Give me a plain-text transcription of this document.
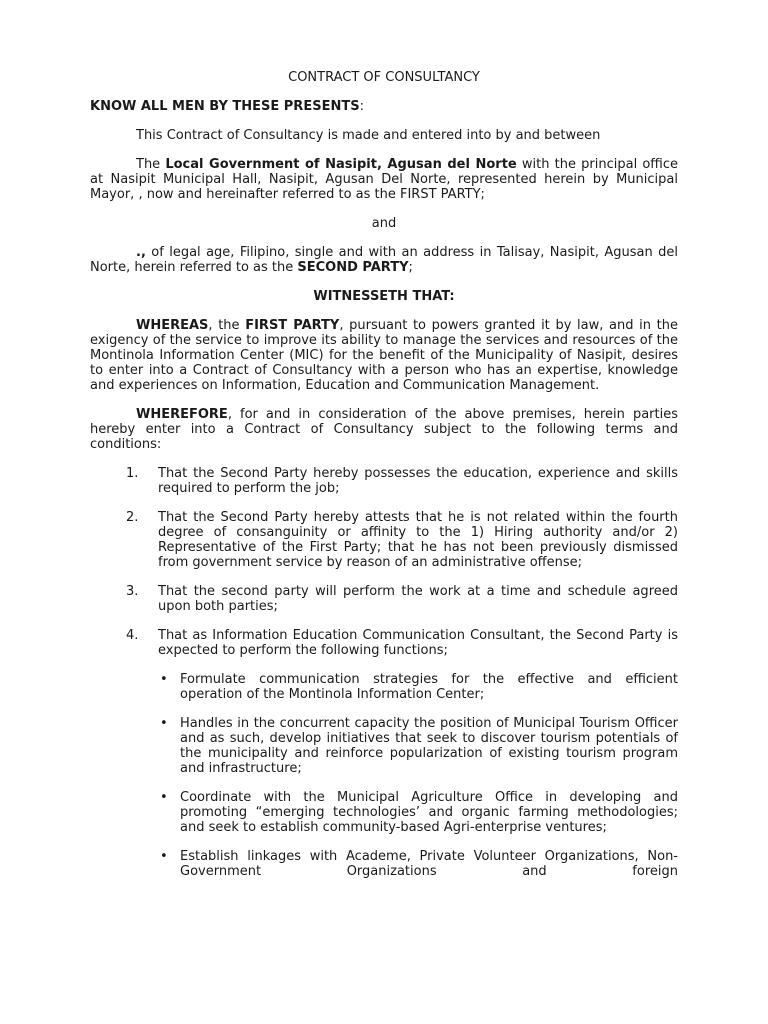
CONTRACT OF CONSULTANCY
KNOW ALL MEN BY THESE PRESENTS:

This Contract of Consultancy is made and entered into by and between

The Local Government of Nasipit, Agusan del Norte with the principal office at Nasipit Municipal Hall, Nasipit, Agusan Del Norte, represented herein by Municipal Mayor, , now and hereinafter referred to as the FIRST PARTY;

and

., of legal age, Filipino, single and with an address in Talisay, Nasipit, Agusan del Norte, herein referred to as the SECOND PARTY;

WITNESSETH THAT:

WHEREAS, the FIRST PARTY, pursuant to powers granted it by law, and in the exigency of the service to improve its ability to manage the services and resources of the Montinola Information Center (MIC) for the benefit of the Municipality of Nasipit, desires to enter into a Contract of Consultancy with a person who has an expertise, knowledge and experiences on Information, Education and Communication Management.

WHEREFORE, for and in consideration of the above premises, herein parties hereby enter into a Contract of Consultancy subject to the following terms and conditions:

1. That the Second Party hereby possesses the education, experience and skills required to perform the job;
2. That the Second Party hereby attests that he is not related within the fourth degree of consanguinity or affinity to the 1) Hiring authority and/or 2) Representative of the First Party; that he has not been previously dismissed from government service by reason of an administrative offense;
3. That the second party will perform the work at a time and schedule agreed upon both parties;
4. That as Information Education Communication Consultant, the Second Party is expected to perform the following functions;
• Formulate communication strategies for the effective and efficient operation of the Montinola Information Center;
• Handles in the concurrent capacity the position of Municipal Tourism Officer and as such, develop initiatives that seek to discover tourism potentials of the municipality and reinforce popularization of existing tourism program and infrastructure;
• Coordinate with the Municipal Agriculture Office in developing and promoting “emerging technologies’ and organic farming methodologies; and seek to establish community-based Agri-enterprise ventures;
• Establish linkages with Academe, Private Volunteer Organizations, Non-Government Organizations and foreign
